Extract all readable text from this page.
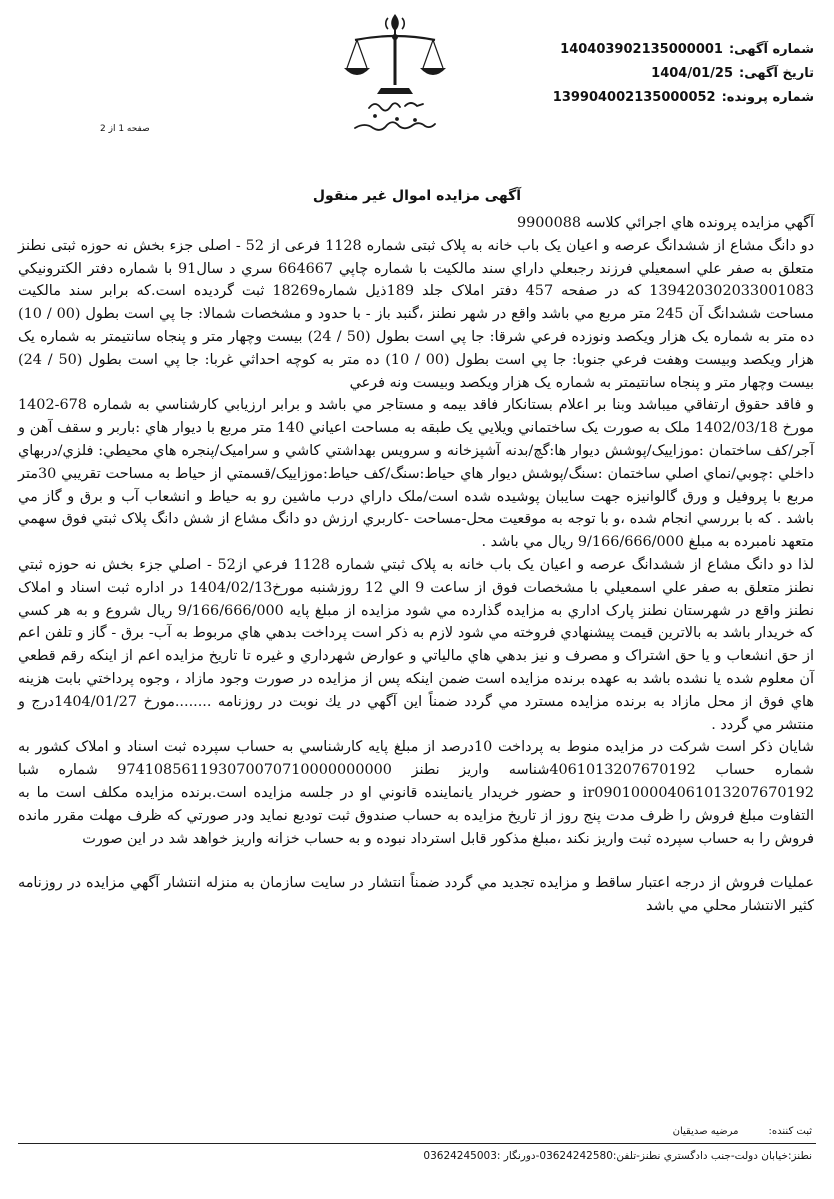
شماره آگهی:140403902135000001
تاریخ آگهی:1404/01/25
شماره پرونده:139904002135000052
صفحه 1 از 2
آگهی مزایده اموال غیر منقول

آگهي مزايده پرونده هاي اجرائي كلاسه 9900088

دو دانگ مشاع از ششدانگ عرصه و اعيان يک باب خانه به پلاک ثبتی شماره 1128 فرعی از 52 - اصلی جزء بخش نه حوزه ثبتی نطنز متعلق به صفر علي اسمعيلي فرزند رجبعلي داراي سند مالكيت با شماره چاپي 664667 سري د سال91 با شماره دفتر الكترونيكي 139420302033001083 كه در صفحه 457 دفتر املاک جلد 189ذيل شماره18269 ثبت گرديده است.كه برابر سند مالكيت مساحت ششدانگ آن 245 متر مربع مي باشد واقع در شهر نطنز ،گنبد باز - با حدود و مشخصات شمالا: جا پي است بطول (00 / 10) ده متر به شماره يک هزار ويکصد ونوزده فرعي شرقا: جا پي است بطول (50 / 24) بيست وچهار متر و پنجاه سانتيمتر به شماره يک هزار ويکصد وبيست وهفت فرعي جنوبا: جا پي است بطول (00 / 10) ده متر به كوچه احداثي غربا: جا پي است بطول (50 / 24) بيست وچهار متر و پنجاه سانتيمتر به شماره يک هزار ويکصد وبيست ونه فرعي

و فاقد حقوق ارتفاقي ميباشد وبنا بر اعلام بستانكار فاقد بيمه و مستاجر مي باشد و برابر ارزيابي كارشناسي به شماره 678-1402 مورخ 1402/03/18 ملک به صورت يک ساختماني ويلايي يک طبقه به مساحت اعياني 140 متر مربع با ديوار هاي :باربر و سقف آهن و آجر/كف ساختمان :موزاييک/پوشش ديوار ها:گچ/بدنه آشپزخانه و سرويس بهداشتي كاشي و سراميک/پنجره هاي محيطي: فلزي/دربهاي داخلي :چوبي/نماي اصلي ساختمان :سنگ/پوشش ديوار هاي حياط:سنگ/كف حياط:موزاييک/قسمتي از حياط به مساحت تقريبي 30متر مربع با پروفيل و ورق گالوانيزه جهت سايبان پوشيده شده است/ملک داراي درب ماشين رو به حياط و انشعاب آب و برق و گاز مي باشد . كه با بررسي انجام شده ،و با توجه به موقعيت محل-مساحت -كاربري ارزش دو دانگ مشاع از شش دانگ پلاک ثبتي فوق سهمي متعهد نامبرده به مبلغ 9/166/666/000 ريال مي باشد .

لذا دو دانگ مشاع از ششدانگ عرصه و اعيان يک باب خانه به پلاک ثبتي شماره 1128 فرعي از52 - اصلي جزء بخش نه حوزه ثبتي نطنز متعلق به صفر علي اسمعيلي با مشخصات فوق از ساعت 9 الي 12 روزشنبه مورخ1404/02/13 در اداره ثبت اسناد و املاک نطنز واقع در شهرستان نطنز پارک اداري به مزايده گذارده مي شود مزايده از مبلغ پايه 9/166/666/000 ريال شروع و به هر كسي كه خريدار باشد به بالاترين قيمت پيشنهادي فروخته مي شود لازم به ذكر است پرداخت بدهي هاي مربوط به آب- برق - گاز و تلفن اعم از حق انشعاب و يا حق اشتراک و مصرف و نيز بدهي هاي مالياتي و عوارض شهرداري و غيره تا تاريخ مزايده اعم از اينكه رقم قطعي آن معلوم شده يا نشده باشد به عهده برنده مزايده است ضمن اينكه پس از مزايده در صورت وجود مازاد ، وجوه پرداختي بابت هزينه هاي فوق از محل مازاد به برنده مزايده مسترد مي گردد ضمناً اين آگهي در يك نوبت در روزنامه ........مورخ 1404/01/27درج و منتشر مي گردد .

شايان ذكر است شركت در مزايده منوط به پرداخت 10درصد از مبلغ پايه كارشناسي به حساب سپرده ثبت اسناد و املاک كشور به شماره حساب 4061013207670192شناسه واريز نطنز 974108561193070070710000000000 شماره شبا ir090100004061013207670192 و حضور خريدار يانماينده قانوني او در جلسه مزايده است.برنده مزايده مكلف است ما به التفاوت مبلغ فروش را ظرف مدت پنج روز از تاريخ مزايده به حساب صندوق ثبت توديع نمايد ودر صورتي كه ظرف مهلت مقرر مانده فروش را به حساب سپرده ثبت واريز نكند ،مبلغ مذكور قابل استرداد نبوده و به حساب خزانه واريز خواهد شد در اين صورت

عمليات فروش از درجه اعتبار ساقط و مزايده تجديد مي گردد ضمناً انتشار در سايت سازمان به منزله انتشار آگهي مزايده در روزنامه كثير الانتشار محلي مي باشد

ثبت کننده:مرضیه صدیقیان
نطنز:خيابان دولت-جنب دادگستري نطنز-تلفن:03624242580-دورنگار :03624245003
